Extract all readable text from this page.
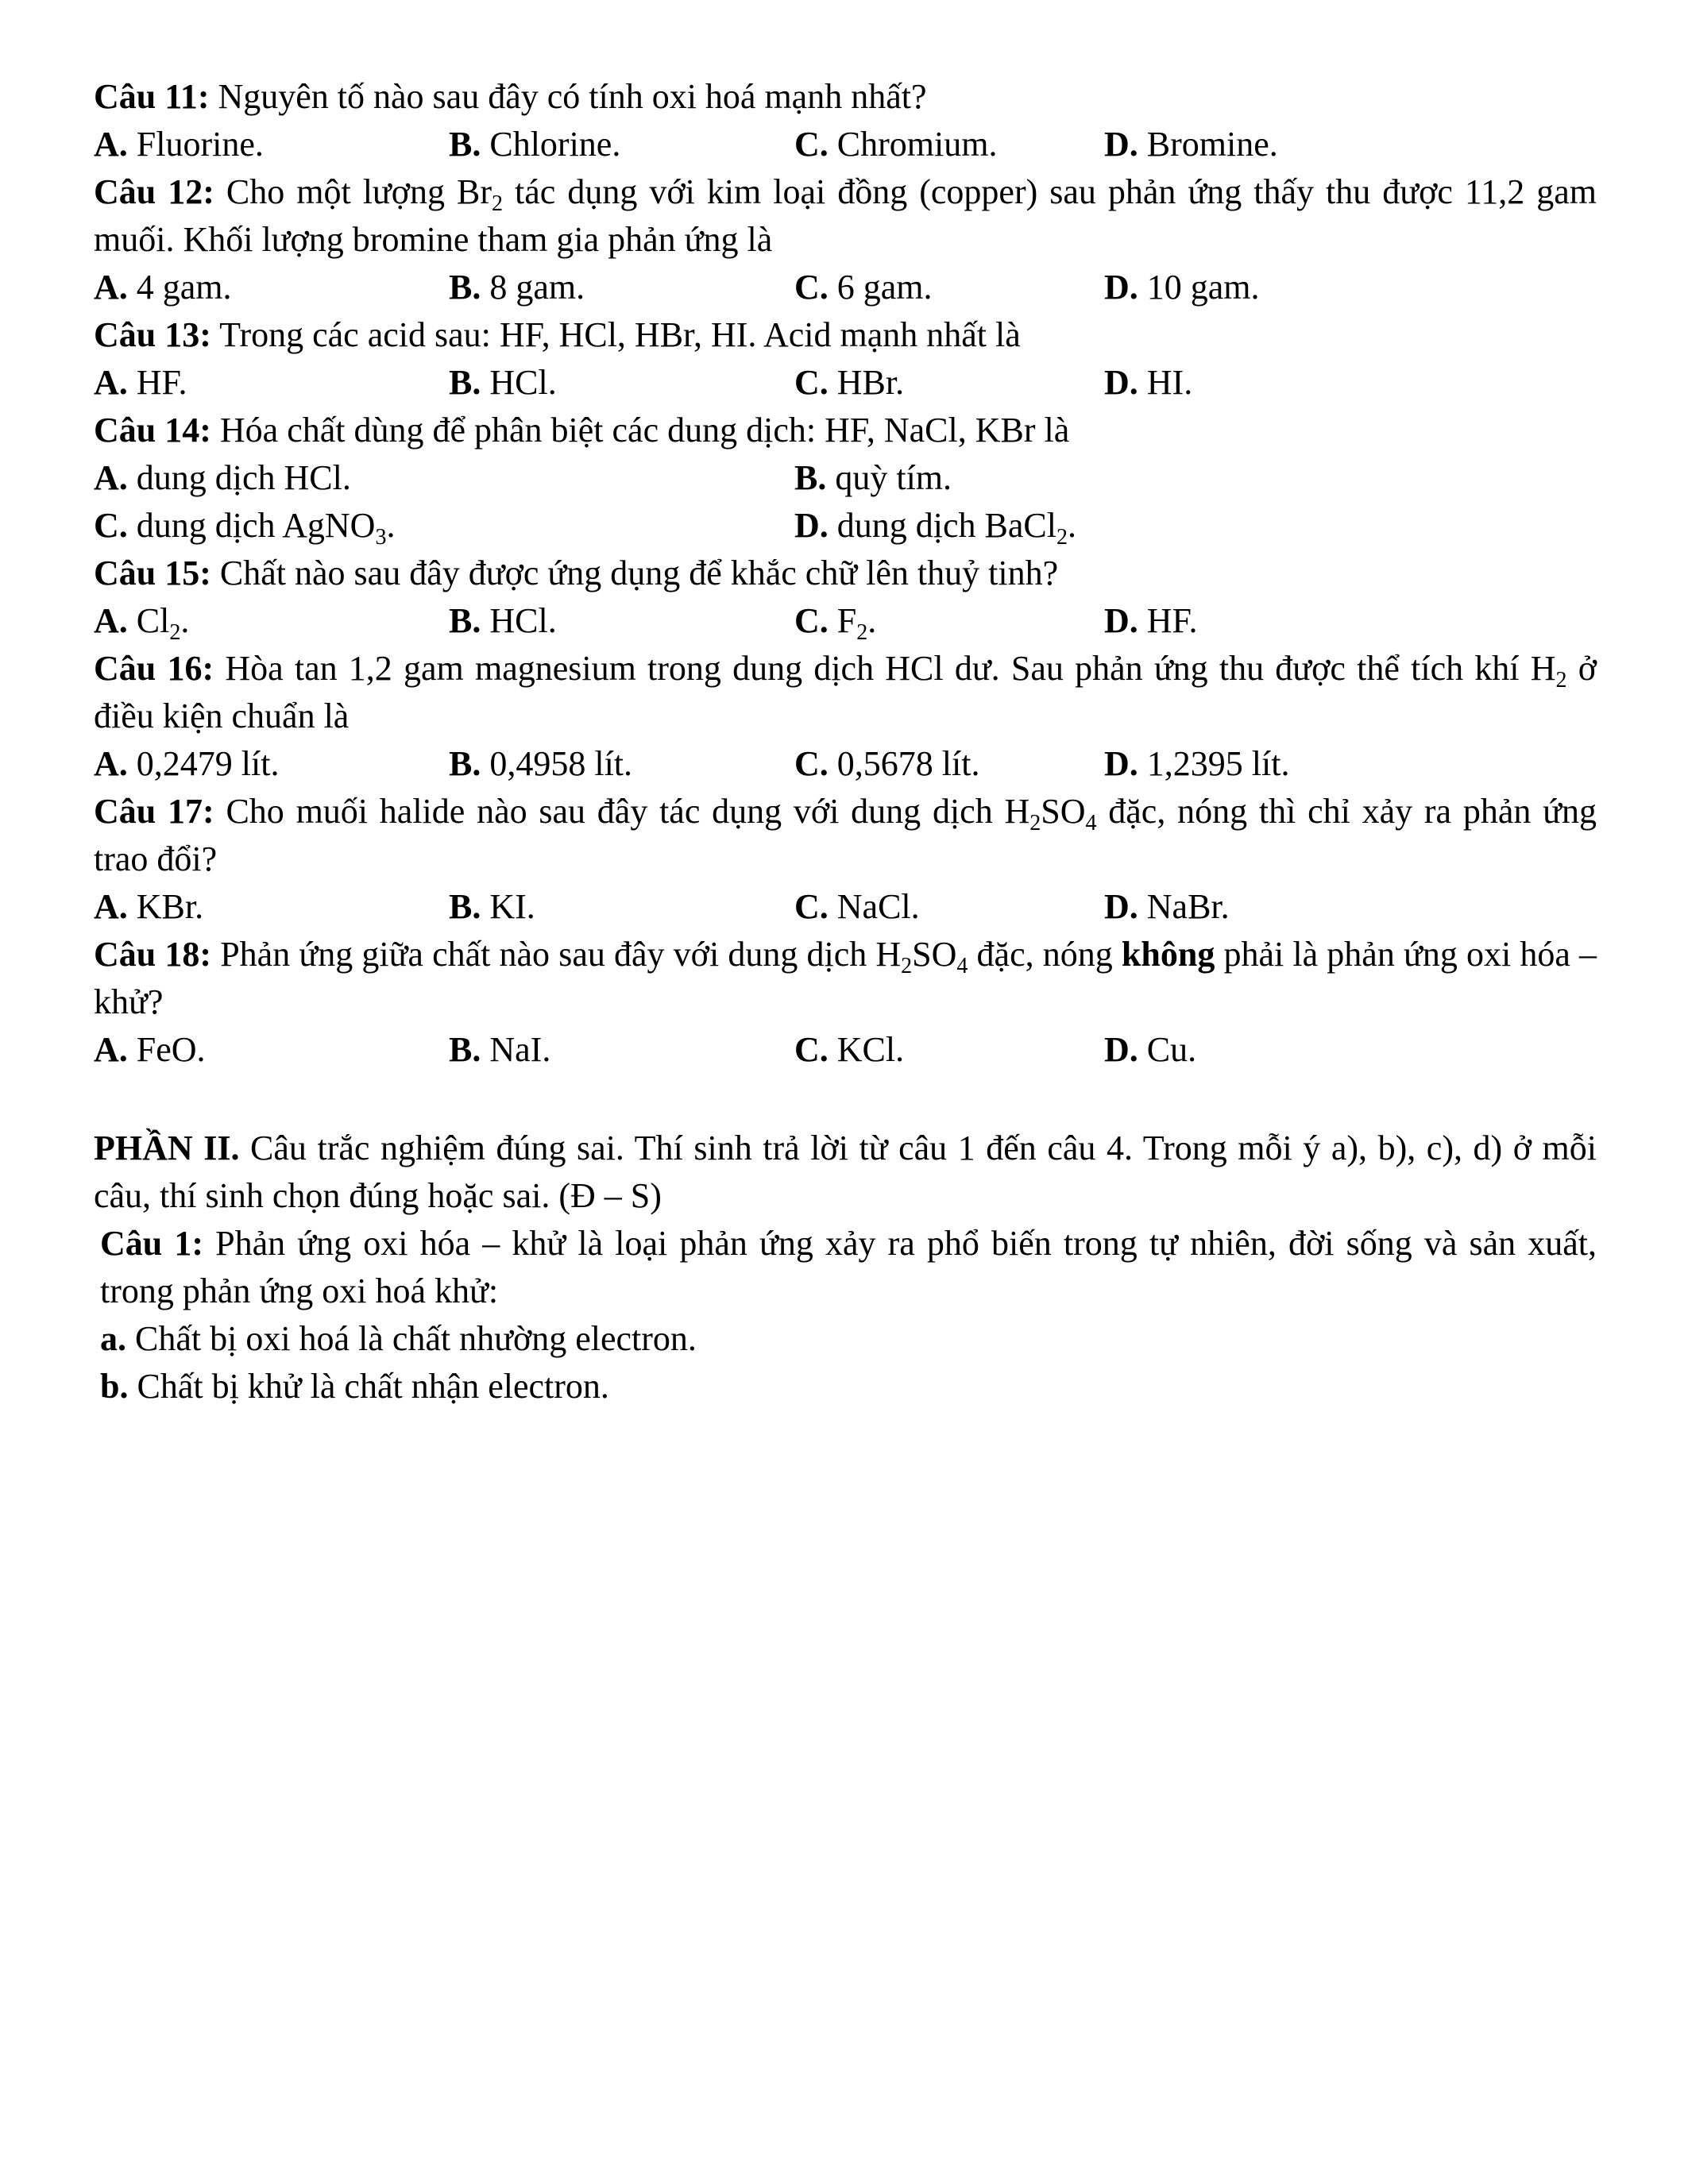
Câu 11: Nguyên tố nào sau đây có tính oxi hoá mạnh nhất?

A. Fluorine.	B. Chlorine.	C. Chromium.	D. Bromine.

Câu 12: Cho một lượng $Br_2$ tác dụng với kim loại đồng (copper) sau phản ứng thấy thu được 11,2 gam muối. Khối lượng bromine tham gia phản ứng là

A. 4 gam.	B. 8 gam.	C. 6 gam.	D. 10 gam.

Câu 13: Trong các acid sau: HF, HCl, HBr, HI. Acid mạnh nhất là

A. HF.	B. HCl.	C. HBr.	D. HI.

Câu 14: Hóa chất dùng để phân biệt các dung dịch: HF, NaCl, KBr là

A. dung dịch HCl.	B. quỳ tím.
C. dung dịch AgNO$_3$.	D. dung dịch BaCl$_2$.

Câu 15: Chất nào sau đây được ứng dụng để khắc chữ lên thuỷ tinh?

A. $Cl_2$.	B. HCl.	C. $F_2$.	D. HF.

Câu 16: Hòa tan 1,2 gam magnesium trong dung dịch HCl dư. Sau phản ứng thu được thể tích khí $H_2$ ở điều kiện chuẩn là

A. 0,2479 lít.	B. 0,4958 lít.	C. 0,5678 lít.	D. 1,2395 lít.

Câu 17: Cho muối halide nào sau đây tác dụng với dung dịch $H_2SO_4$ đặc, nóng thì chỉ xảy ra phản ứng trao đổi?

A. KBr.	B. KI.	C. NaCl.	D. NaBr.

Câu 18: Phản ứng giữa chất nào sau đây với dung dịch $H_2SO_4$ đặc, nóng không phải là phản ứng oxi hóa – khử?

A. FeO.	B. NaI.	C. KCl.	D. Cu.

PHẦN II. Câu trắc nghiệm đúng sai. Thí sinh trả lời từ câu 1 đến câu 4. Trong mỗi ý a), b), c), d) ở mỗi câu, thí sinh chọn đúng hoặc sai. (Đ – S)

Câu 1: Phản ứng oxi hóa – khử là loại phản ứng xảy ra phổ biến trong tự nhiên, đời sống và sản xuất, trong phản ứng oxi hoá khử:

a. Chất bị oxi hoá là chất nhường electron.

b. Chất bị khử là chất nhận electron.
